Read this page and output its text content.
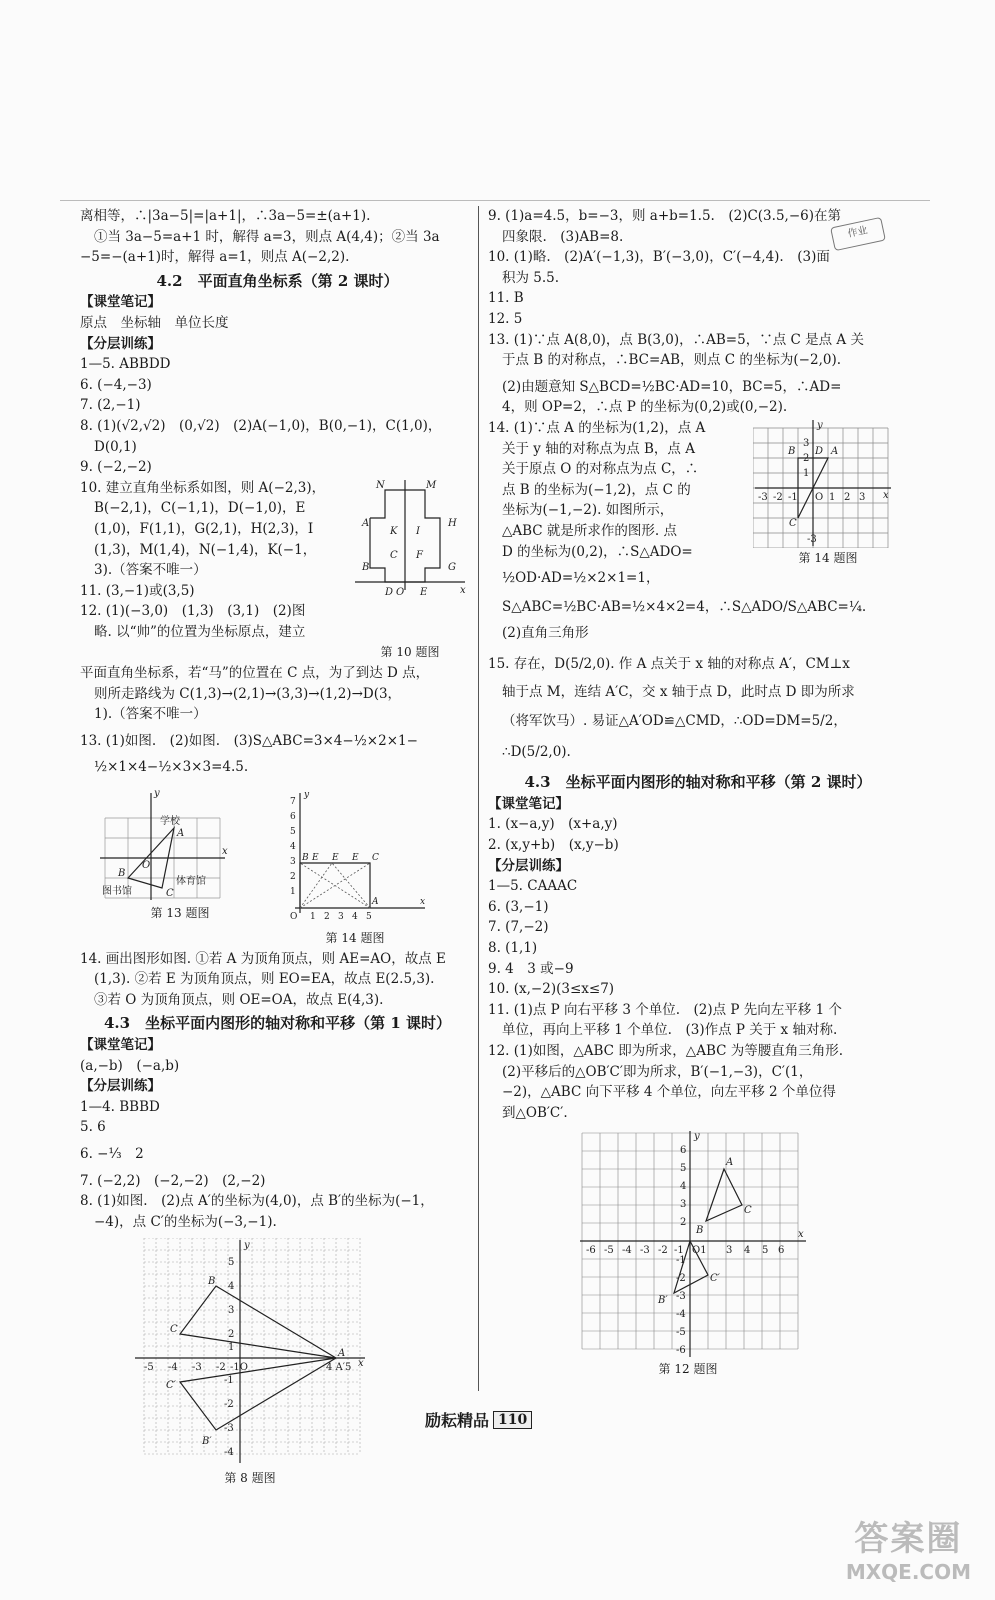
离相等，∴|3a−5|=|a+1|，∴3a−5=±(a+1).
①当 3a−5=a+1 时，解得 a=3，则点 A(4,4)；②当 3a
−5=−(a+1)时，解得 a=1，则点 A(−2,2).
4.2　平面直角坐标系（第 2 课时）
【课堂笔记】
原点　坐标轴　单位长度
【分层训练】
1—5. ABBDD
6. (−4,−3)
7. (2,−1)
8. (1)(√2,√2)　(0,√2)　(2)A(−1,0)，B(0,−1)，C(1,0)，
D(0,1)
9. (−2,−2)
10. 建立直角坐标系如图，则 A(−2,3)，
B(−2,1)，C(−1,1)，D(−1,0)，E
(1,0)，F(1,1)，G(2,1)，H(2,3)，I
(1,3)，M(1,4)，N(−1,4)，K(−1，
3).（答案不唯一）
11. (3,−1)或(3,5)
12. (1)(−3,0)　(1,3)　(3,1)　(2)图
略. 以“帅”的位置为坐标原点，建立
N	M
A	H
K I
C F
B	G
D O E	x
第 10 题图
平面直角坐标系，若“马”的位置在 C 点，为了到达 D 点，
则所走路线为 C(1,3)→(2,1)→(3,3)→(1,2)→D(3，
1).（答案不唯一）
13. (1)如图.　(2)如图.　(3)S△ABC=3×4−½×2×1−
½×1×4−½×3×3=4.5.
y
x
O
A
B
C
学校
体育馆
图书馆
第 13 题图
y
x
7
6
5
4
3
2
1
O 1 2 3 4 5
B E E E C
A
第 14 题图
14. 画出图形如图. ①若 A 为顶角顶点，则 AE=AO，故点 E
(1,3). ②若 E 为顶角顶点，则 EO=EA，故点 E(2.5,3).
③若 O 为顶角顶点，则 OE=OA，故点 E(4,3).
4.3　坐标平面内图形的轴对称和平移（第 1 课时）
【课堂笔记】
(a,−b)　(−a,b)
【分层训练】
1—4. BBBD
5. 6
6. −⅓　2
7. (−2,2)　(−2,−2)　(2,−2)
8. (1)如图.　(2)点 A′的坐标为(4,0)，点 B′的坐标为(−1，
−4)，点 C′的坐标为(−3,−1).
y
x
B
C
A
C′
B′
-5 -4 -3 -2 -1O	4 A′5
5
4
3
2
1
-1
-2
-3
-4
第 8 题图
9. (1)a=4.5，b=−3，则 a+b=1.5.　(2)C(3.5,−6)在第
四象限.　(3)AB=8.
10. (1)略.　(2)A′(−1,3)，B′(−3,0)，C′(−4,4).　(3)面
积为 5.5.
11. B
12. 5
13. (1)∵点 A(8,0)，点 B(3,0)，∴AB=5，∵点 C 是点 A 关
于点 B 的对称点，∴BC=AB，则点 C 的坐标为(−2,0).
(2)由题意知 S△BCD=½BC·AD=10，BC=5，∴AD=
4，则 OP=2，∴点 P 的坐标为(0,2)或(0,−2).
14. (1)∵点 A 的坐标为(1,2)，点 A
关于 y 轴的对称点为点 B，点 A
关于原点 O 的对称点为点 C，∴
点 B 的坐标为(−1,2)，点 C 的
坐标为(−1,−2). 如图所示，
△ABC 就是所求作的图形. 点
D 的坐标为(0,2)，∴S△ADO=
½OD·AD=½×2×1=1，
y
x
B D A
C
3
2
1
-3 -2 -1 O 1 2 3
-3
第 14 题图
S△ABC=½BC·AB=½×4×2=4，∴S△ADO/S△ABC=¼.
(2)直角三角形
15. 存在，D(5/2,0). 作 A 点关于 x 轴的对称点 A′，CM⊥x
轴于点 M，连结 A′C，交 x 轴于点 D，此时点 D 即为所求
（将军饮马）. 易证△A′OD≌△CMD，∴OD=DM=5/2，
∴D(5/2,0).
4.3　坐标平面内图形的轴对称和平移（第 2 课时）
【课堂笔记】
1. (x−a,y)　(x+a,y)
2. (x,y+b)　(x,y−b)
【分层训练】
1—5. CAAAC
6. (3,−1)
7. (7,−2)
8. (1,1)
9. 4　3 或−9
10. (x,−2)(3≤x≤7)
11. (1)点 P 向右平移 3 个单位.　(2)点 P 先向左平移 1 个
单位，再向上平移 1 个单位.　(3)作点 P 关于 x 轴对称.
12. (1)如图，△ABC 即为所求，△ABC 为等腰直角三角形.
(2)平移后的△OB′C′即为所求，B′(−1,−3)，C′(1，
−2)，△ABC 向下平移 4 个单位，向左平移 2 个单位得
到△OB′C′.
y
x
A
B
C
C′
B′
-6 -5 -4 -3 -2 -1 O1 3 4 5 6
6
5
4
3
2
-1
-2
-3
-4
-5
-6
第 12 题图
作业
励耘精品 110
答案圈
MXQE.COM
